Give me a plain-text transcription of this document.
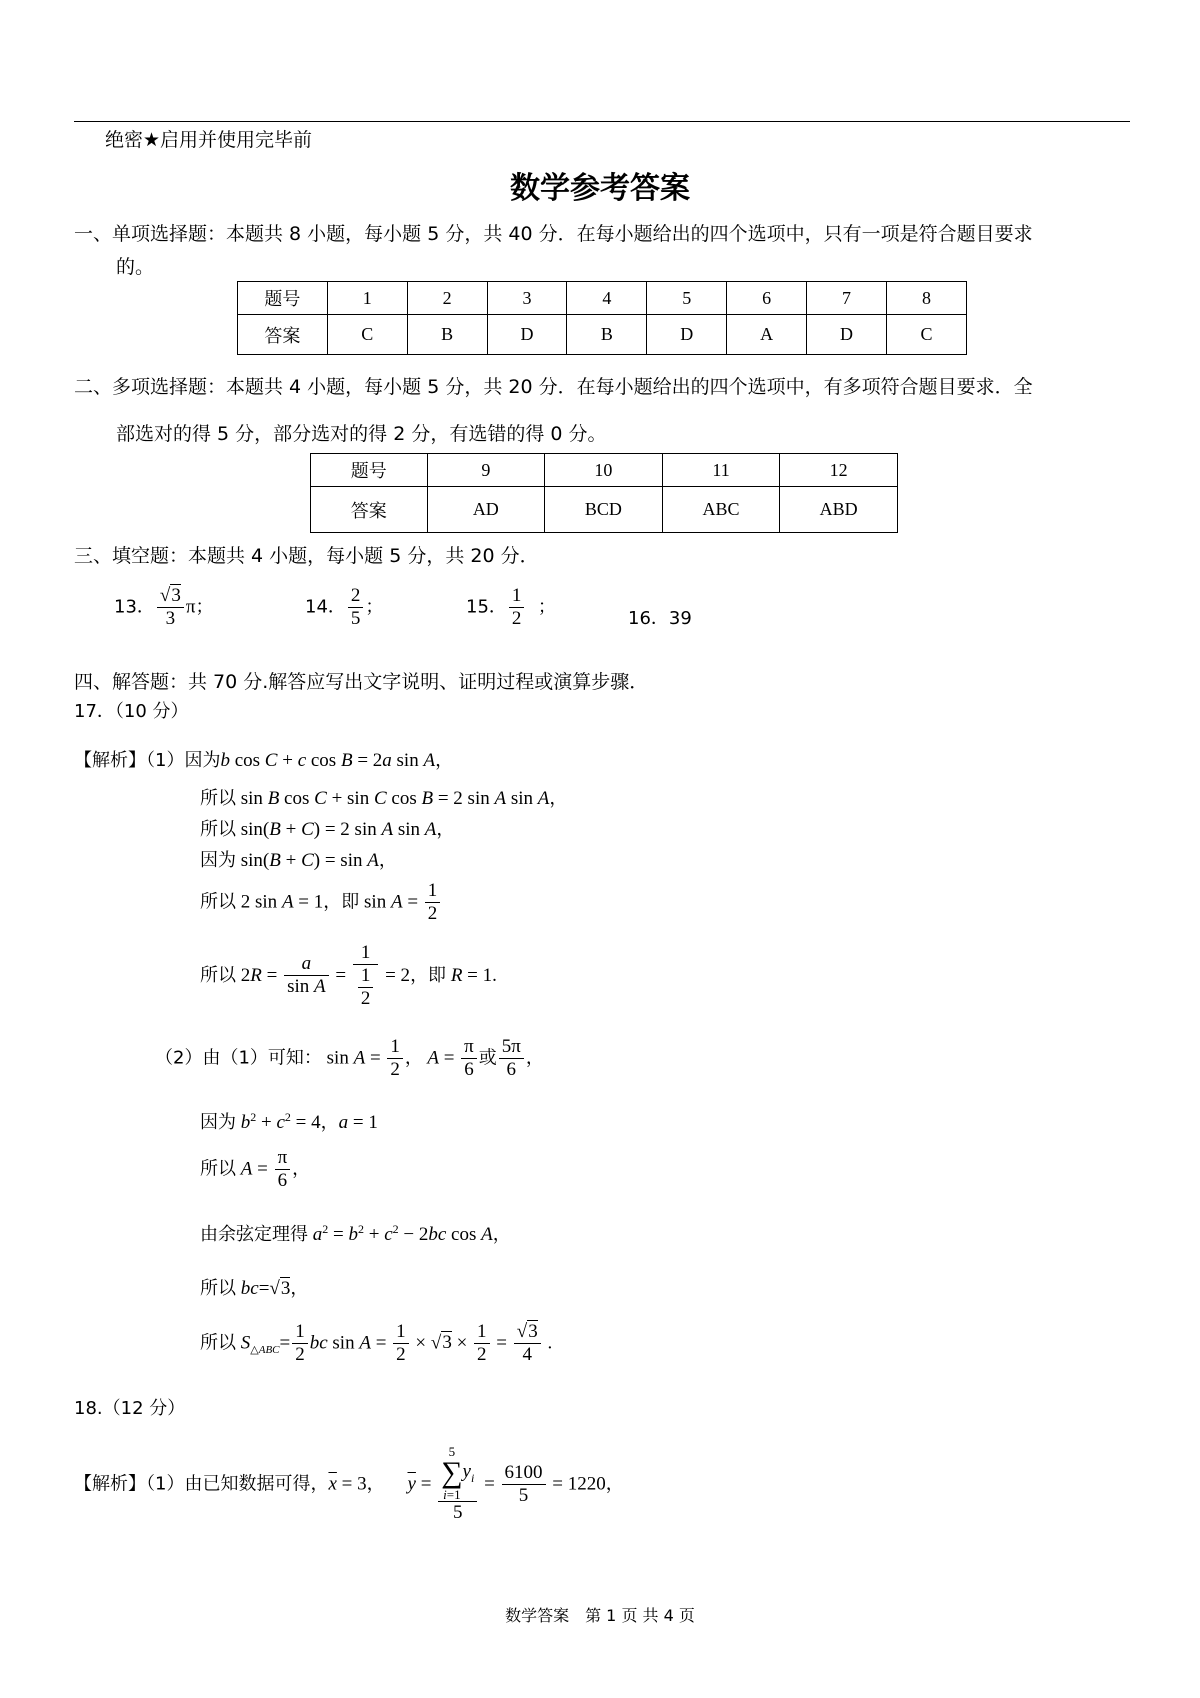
绝密★启用并使用完毕前
数学参考答案
一、单项选择题：本题共 8 小题，每小题 5 分，共 40 分．在每小题给出的四个选项中，只有一项是符合题目要求
的。
题号	1	2	3	4	5	6	7	8
答案	C	B	D	B	D	A	D	C
二、多项选择题：本题共 4 小题，每小题 5 分，共 20 分．在每小题给出的四个选项中，有多项符合题目要求．全
部选对的得 5 分，部分选对的得 2 分，有选错的得 0 分。
题号	9	10	11	12
答案	AD	BCD	ABC	ABD
三、填空题：本题共 4 小题，每小题 5 分，共 20 分．
13． $\frac{√3}{3}$ π；	14． $\frac{2}{5}$ ；	15． $\frac{1}{2}$ ；
16．39
四、解答题：共 70 分.解答应写出文字说明、证明过程或演算步骤．
17．（10 分）
【解析】（1）因为b cos C + c cos B = 2a sin A，
所以 sin B cos C + sin C cos B = 2 sin A sin A，
所以 sin(B + C) = 2 sin A sin A，
因为 sin(B + C) = sin A，
所以 2 sin A = 1，即 $\sin A = \frac{1}{2}$
所以 $2R = \frac{a}{\text{sin A}} = \frac{1}{\frac{1}{2}} = 2$，即 R = 1.
（2）由（1）可知： $\sin A = \frac{1}{2}$ ， $A = \frac{\pi}{6}$ 或 $\frac{5\pi}{6}$ ，
因为 $b^2 + c^2 = 4$，a = 1
所以 $A = \frac{\pi}{6}$ ，
由余弦定理得 $a^2 = b^2 + c^2 - 2bc$ cos A，
所以 bc=√3，
所以 $S_{\triangle ABC}= \frac{1}{2}$ bc $\sin A = \frac{1}{2} \times √3 \times \frac{1}{2} = \frac{√3}{4}$ .
18.（12 分）
【解析】（1）由已知数据可得，$\overline{x} = 3$，    $\overline{y} = 5$
∑
i=1
$y_i$
$5 = \frac{6100}{5} = 1220$，
数学答案　第 1 页 共 4 页
